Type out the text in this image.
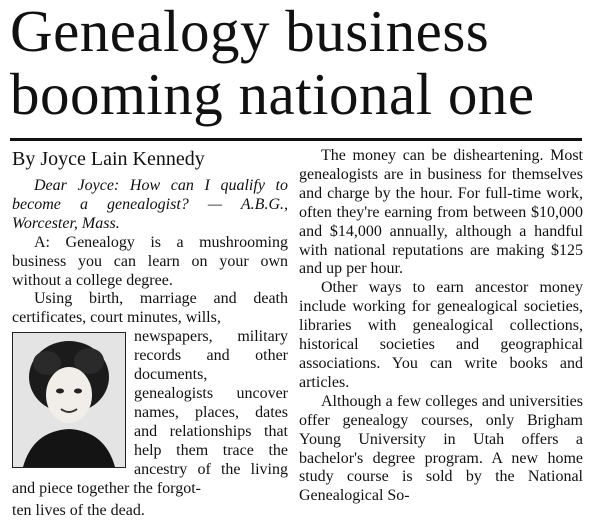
Genealogy business
booming national one
By Joyce Lain Kennedy

Dear Joyce: How can I qualify to become a genealogist? — A.B.G., Worcester, Mass.

A: Genealogy is a mushrooming business you can learn on your own without a college degree.

Using birth, marriage and death certificates, court minutes, wills,

newspapers, military records and other documents, genealogists uncover names, places, dates and relationships that help them trace the ancestry of the living and piece together the forgot-

ten lives of the dead.

The money can be disheartening. Most genealogists are in business for themselves and charge by the hour. For full-time work, often they're earning from between $10,000 and $14,000 annually, although a handful with national reputations are making $125 and up per hour.

Other ways to earn ancestor money include working for genealogical societies, libraries with genealogical collections, historical societies and geographical associations. You can write books and articles.

Although a few colleges and universities offer genealogy courses, only Brigham Young University in Utah offers a bachelor's degree program. A new home study course is sold by the National Genealogical So-
